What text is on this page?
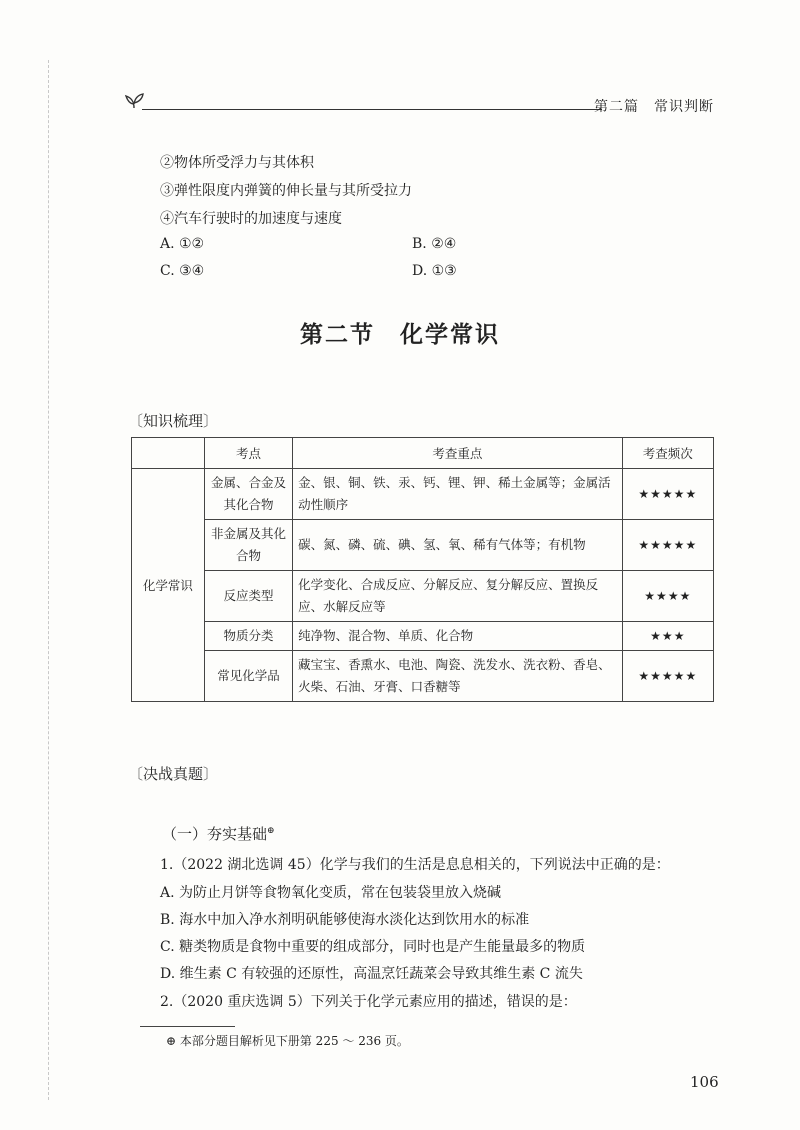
第二篇　常识判断
②物体所受浮力与其体积
③弹性限度内弹簧的伸长量与其所受拉力
④汽车行驶时的加速度与速度
A. ①②	B. ②④
C. ③④	D. ①③
第二节　化学常识
〔知识梳理〕
	考点	考查重点	考查频次
化学常识	金属、合金及其化合物	金、银、铜、铁、汞、钙、锂、钾、稀土金属等；金属活动性顺序	★★★★★
	非金属及其化合物	碳、氮、磷、硫、碘、氢、氧、稀有气体等；有机物	★★★★★
	反应类型	化学变化、合成反应、分解反应、复分解反应、置换反应、水解反应等	★★★★
	物质分类	纯净物、混合物、单质、化合物	★★★
	常见化学品	藏宝宝、香熏水、电池、陶瓷、洗发水、洗衣粉、香皂、火柴、石油、牙膏、口香糖等	★★★★★
〔决战真题〕
（一）夯实基础⊕
1.（2022 湖北选调 45）化学与我们的生活是息息相关的，下列说法中正确的是：
A. 为防止月饼等食物氧化变质，常在包装袋里放入烧碱
B. 海水中加入净水剂明矾能够使海水淡化达到饮用水的标准
C. 糖类物质是食物中重要的组成部分，同时也是产生能量最多的物质
D. 维生素 C 有较强的还原性，高温烹饪蔬菜会导致其维生素 C 流失
2.（2020 重庆选调 5）下列关于化学元素应用的描述，错误的是：
⊕ 本部分题目解析见下册第 225 ～ 236 页。
106
